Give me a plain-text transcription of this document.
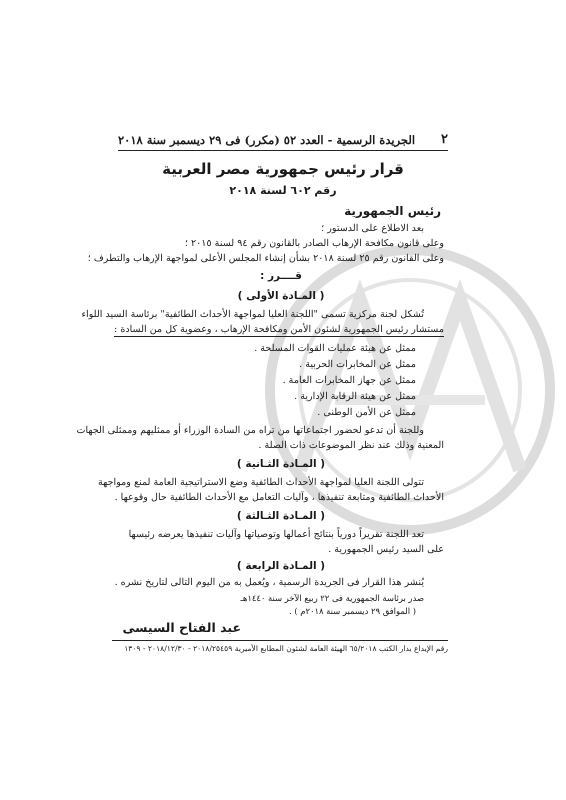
٢
الجريدة الرسمية - العدد ٥٢ (مكرر) فى ٢٩ ديسمبر سنة ٢٠١٨
قرار رئيس جمهورية مصر العربية
رقم ٦٠٢ لسنة ٢٠١٨
رئيس الجمهورية
بعد الاطلاع على الدستور ؛
وعلى قانون مكافحة الإرهاب الصادر بالقانون رقم ٩٤ لسنة ٢٠١٥ ؛
وعلى القانون رقم ٢٥ لسنة ٢٠١٨ بشأن إنشاء المجلس الأعلى لمواجهة الإرهاب والتطرف ؛
قــــرر :
( المـادة الأولى )
تُشكل لجنة مركزية تسمى "اللجنة العليا لمواجهة الأحداث الطائفية" برئاسة السيد اللواء
مستشار رئيس الجمهورية لشئون الأمن ومكافحة الإرهاب ، وعضوية كل من السادة :
ممثل عن هيئة عمليات القوات المسلحة .
ممثل عن المخابرات الحربية .
ممثل عن جهاز المخابرات العامة .
ممثل عن هيئة الرقابة الإدارية .
ممثل عن الأمن الوطنى .
وللجنة أن تدعو لحضور اجتماعاتها من تراه من السادة الوزراء أو ممثليهم وممثلى الجهات
المعنية وذلك عند نظر الموضوعات ذات الصلة .
( المـادة الثـانية )
تتولى اللجنة العليا لمواجهة الأحداث الطائفية وضع الاستراتيجية العامة لمنع ومواجهة
الأحداث الطائفية ومتابعة تنفيذها ، وآليات التعامل مع الأحداث الطائفية حال وقوعها .
( المـادة الثـالثة )
تعد اللجنة تقريراً دورياً بنتائج أعمالها وتوصياتها وآليات تنفيذها يعرضه رئيسها
على السيد رئيس الجمهورية .
( المـادة الرابعة )
يُنشر هذا القرار فى الجريدة الرسمية ، ويُعمل به من اليوم التالى لتاريخ نشره .
صدر برئاسة الجمهورية فى ٢٢ ربيع الآخر سنة ١٤٤٠هـ
( الموافق ٢٩ ديسمبر سنة ٢٠١٨م ) .
عبد الفتاح السيسى
رقم الإيداع بدار الكتب ٦٥/٢٠١٨ الهيئة العامة لشئون المطابع الأميرية ٢٠١٨/٢٥٤٥٩ - ٢٠١٨/١٢/٣٠ - ١٣٠٩
